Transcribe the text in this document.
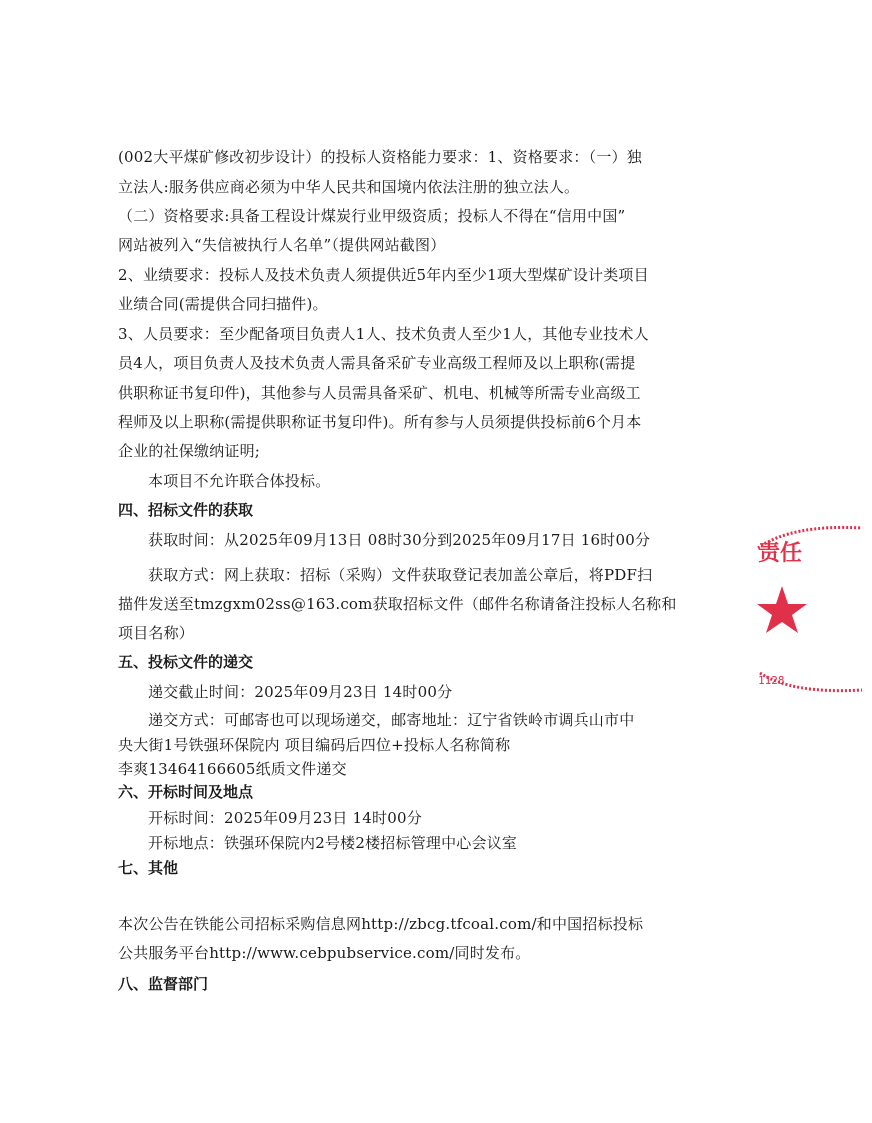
(002大平煤矿修改初步设计）的投标人资格能力要求：1、资格要求：（一）独
立法人:服务供应商必须为中华人民共和国境内依法注册的独立法人。
（二）资格要求:具备工程设计煤炭行业甲级资质；投标人不得在“信用中国”
网站被列入“失信被执行人名单”（提供网站截图）
2、业绩要求：投标人及技术负责人须提供近5年内至少1项大型煤矿设计类项目
业绩合同(需提供合同扫描件)。
3、人员要求：至少配备项目负责人1人、技术负责人至少1人，其他专业技术人
员4人，项目负责人及技术负责人需具备采矿专业高级工程师及以上职称(需提
供职称证书复印件)，其他参与人员需具备采矿、机电、机械等所需专业高级工
程师及以上职称(需提供职称证书复印件)。所有参与人员须提供投标前6个月本
企业的社保缴纳证明;
本项目不允许联合体投标。
四、招标文件的获取
获取时间：从2025年09月13日 08时30分到2025年09月17日 16时00分
获取方式：网上获取：招标（采购）文件获取登记表加盖公章后，将PDF扫
描件发送至tmzgxm02ss@163.com获取招标文件（邮件名称请备注投标人名称和
项目名称）
五、投标文件的递交
递交截止时间：2025年09月23日 14时00分
递交方式：可邮寄也可以现场递交，邮寄地址：辽宁省铁岭市调兵山市中
央大街1号铁强环保院内 项目编码后四位+投标人名称简称
李爽13464166605纸质文件递交
六、开标时间及地点
开标时间：2025年09月23日 14时00分
开标地点：铁强环保院内2号楼2楼招标管理中心会议室
七、其他
本次公告在铁能公司招标采购信息网http://zbcg.tfcoal.com/和中国招标投标
公共服务平台http://www.cebpubservice.com/同时发布。
八、监督部门
责任
1128
